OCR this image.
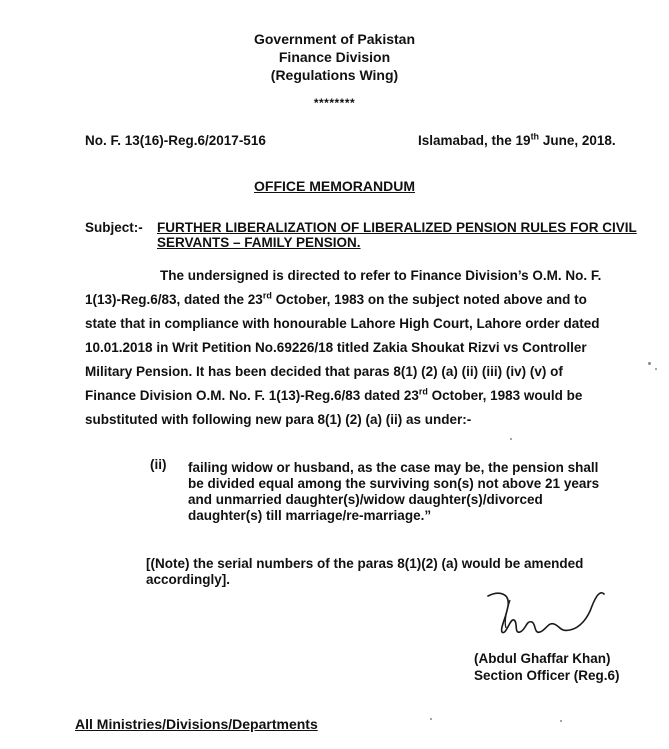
Government of Pakistan
Finance Division
(Regulations Wing)
********
No. F. 13(16)-Reg.6/2017-516	Islamabad, the 19th June, 2018.
OFFICE MEMORANDUM
Subject:- FURTHER LIBERALIZATION OF LIBERALIZED PENSION RULES FOR CIVIL SERVANTS – FAMILY PENSION.
The undersigned is directed to refer to Finance Division’s O.M. No. F.
1(13)-Reg.6/83, dated the 23rd October, 1983 on the subject noted above and to
state that in compliance with honourable Lahore High Court, Lahore order dated
10.01.2018 in Writ Petition No.69226/18 titled Zakia Shoukat Rizvi vs Controller
Military Pension. It has been decided that paras 8(1) (2) (a) (ii) (iii) (iv) (v) of
Finance Division O.M. No. F. 1(13)-Reg.6/83 dated 23rd October, 1983 would be
substituted with following new para 8(1) (2) (a) (ii) as under:-
(ii) failing widow or husband, as the case may be, the pension shall
be divided equal among the surviving son(s) not above 21 years
and unmarried daughter(s)/widow daughter(s)/divorced
daughter(s) till marriage/re-marriage.”
[(Note) the serial numbers of the paras 8(1)(2) (a) would be amended
accordingly].
(Abdul Ghaffar Khan)
Section Officer (Reg.6)
All Ministries/Divisions/Departments
